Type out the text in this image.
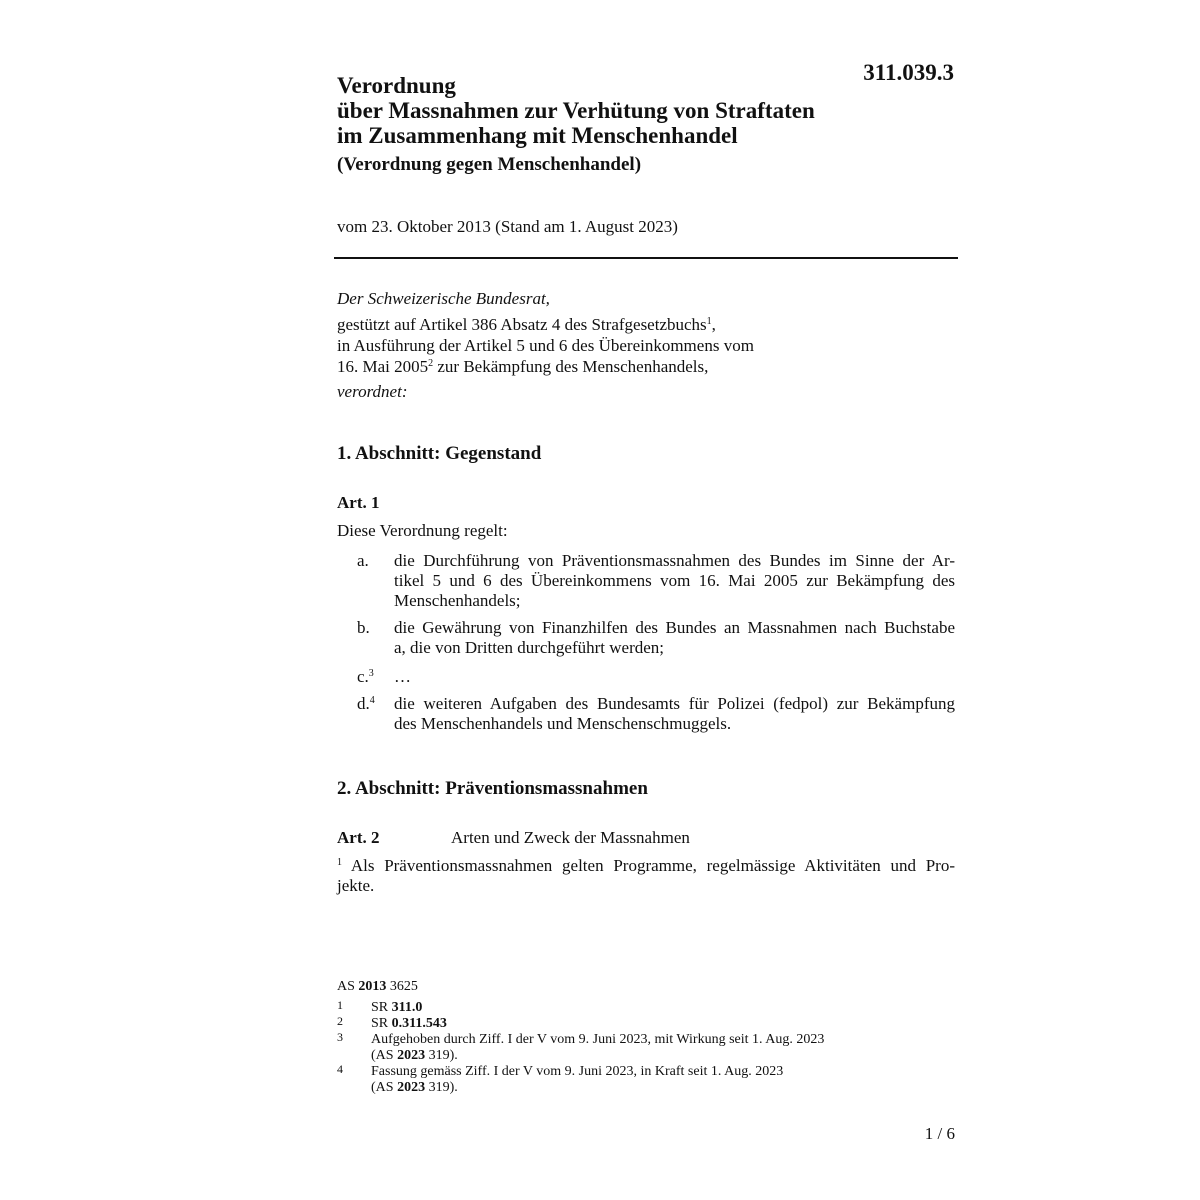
311.039.3
Verordnung
über Massnahmen zur Verhütung von Straftaten
im Zusammenhang mit Menschenhandel
(Verordnung gegen Menschenhandel)
vom 23. Oktober 2013 (Stand am 1. August 2023)
Der Schweizerische Bundesrat,
gestützt auf Artikel 386 Absatz 4 des Strafgesetzbuchs$^1$,
in Ausführung der Artikel 5 und 6 des Übereinkommens vom
16. Mai 2005$^2$ zur Bekämpfung des Menschenhandels,
verordnet:
1. Abschnitt: Gegenstand
Art. 1
Diese Verordnung regelt:
a. die Durchführung von Präventionsmassnahmen des Bundes im Sinne der Ar-
tikel 5 und 6 des Übereinkommens vom 16. Mai 2005 zur Bekämpfung des
Menschenhandels;
b. die Gewährung von Finanzhilfen des Bundes an Massnahmen nach Buchstabe
a, die von Dritten durchgeführt werden;
c.$^3$ …
d.$^4$ die weiteren Aufgaben des Bundesamts für Polizei (fedpol) zur Bekämpfung
des Menschenhandels und Menschenschmuggels.
2. Abschnitt: Präventionsmassnahmen
Art. 2	Arten und Zweck der Massnahmen
$^1$ Als Präventionsmassnahmen gelten Programme, regelmässige Aktivitäten und Pro-
jekte.
AS 2013 3625
1 SR 311.0
2 SR 0.311.543
3 Aufgehoben durch Ziff. I der V vom 9. Juni 2023, mit Wirkung seit 1. Aug. 2023
(AS 2023 319).
4 Fassung gemäss Ziff. I der V vom 9. Juni 2023, in Kraft seit 1. Aug. 2023
(AS 2023 319).
1 / 6
